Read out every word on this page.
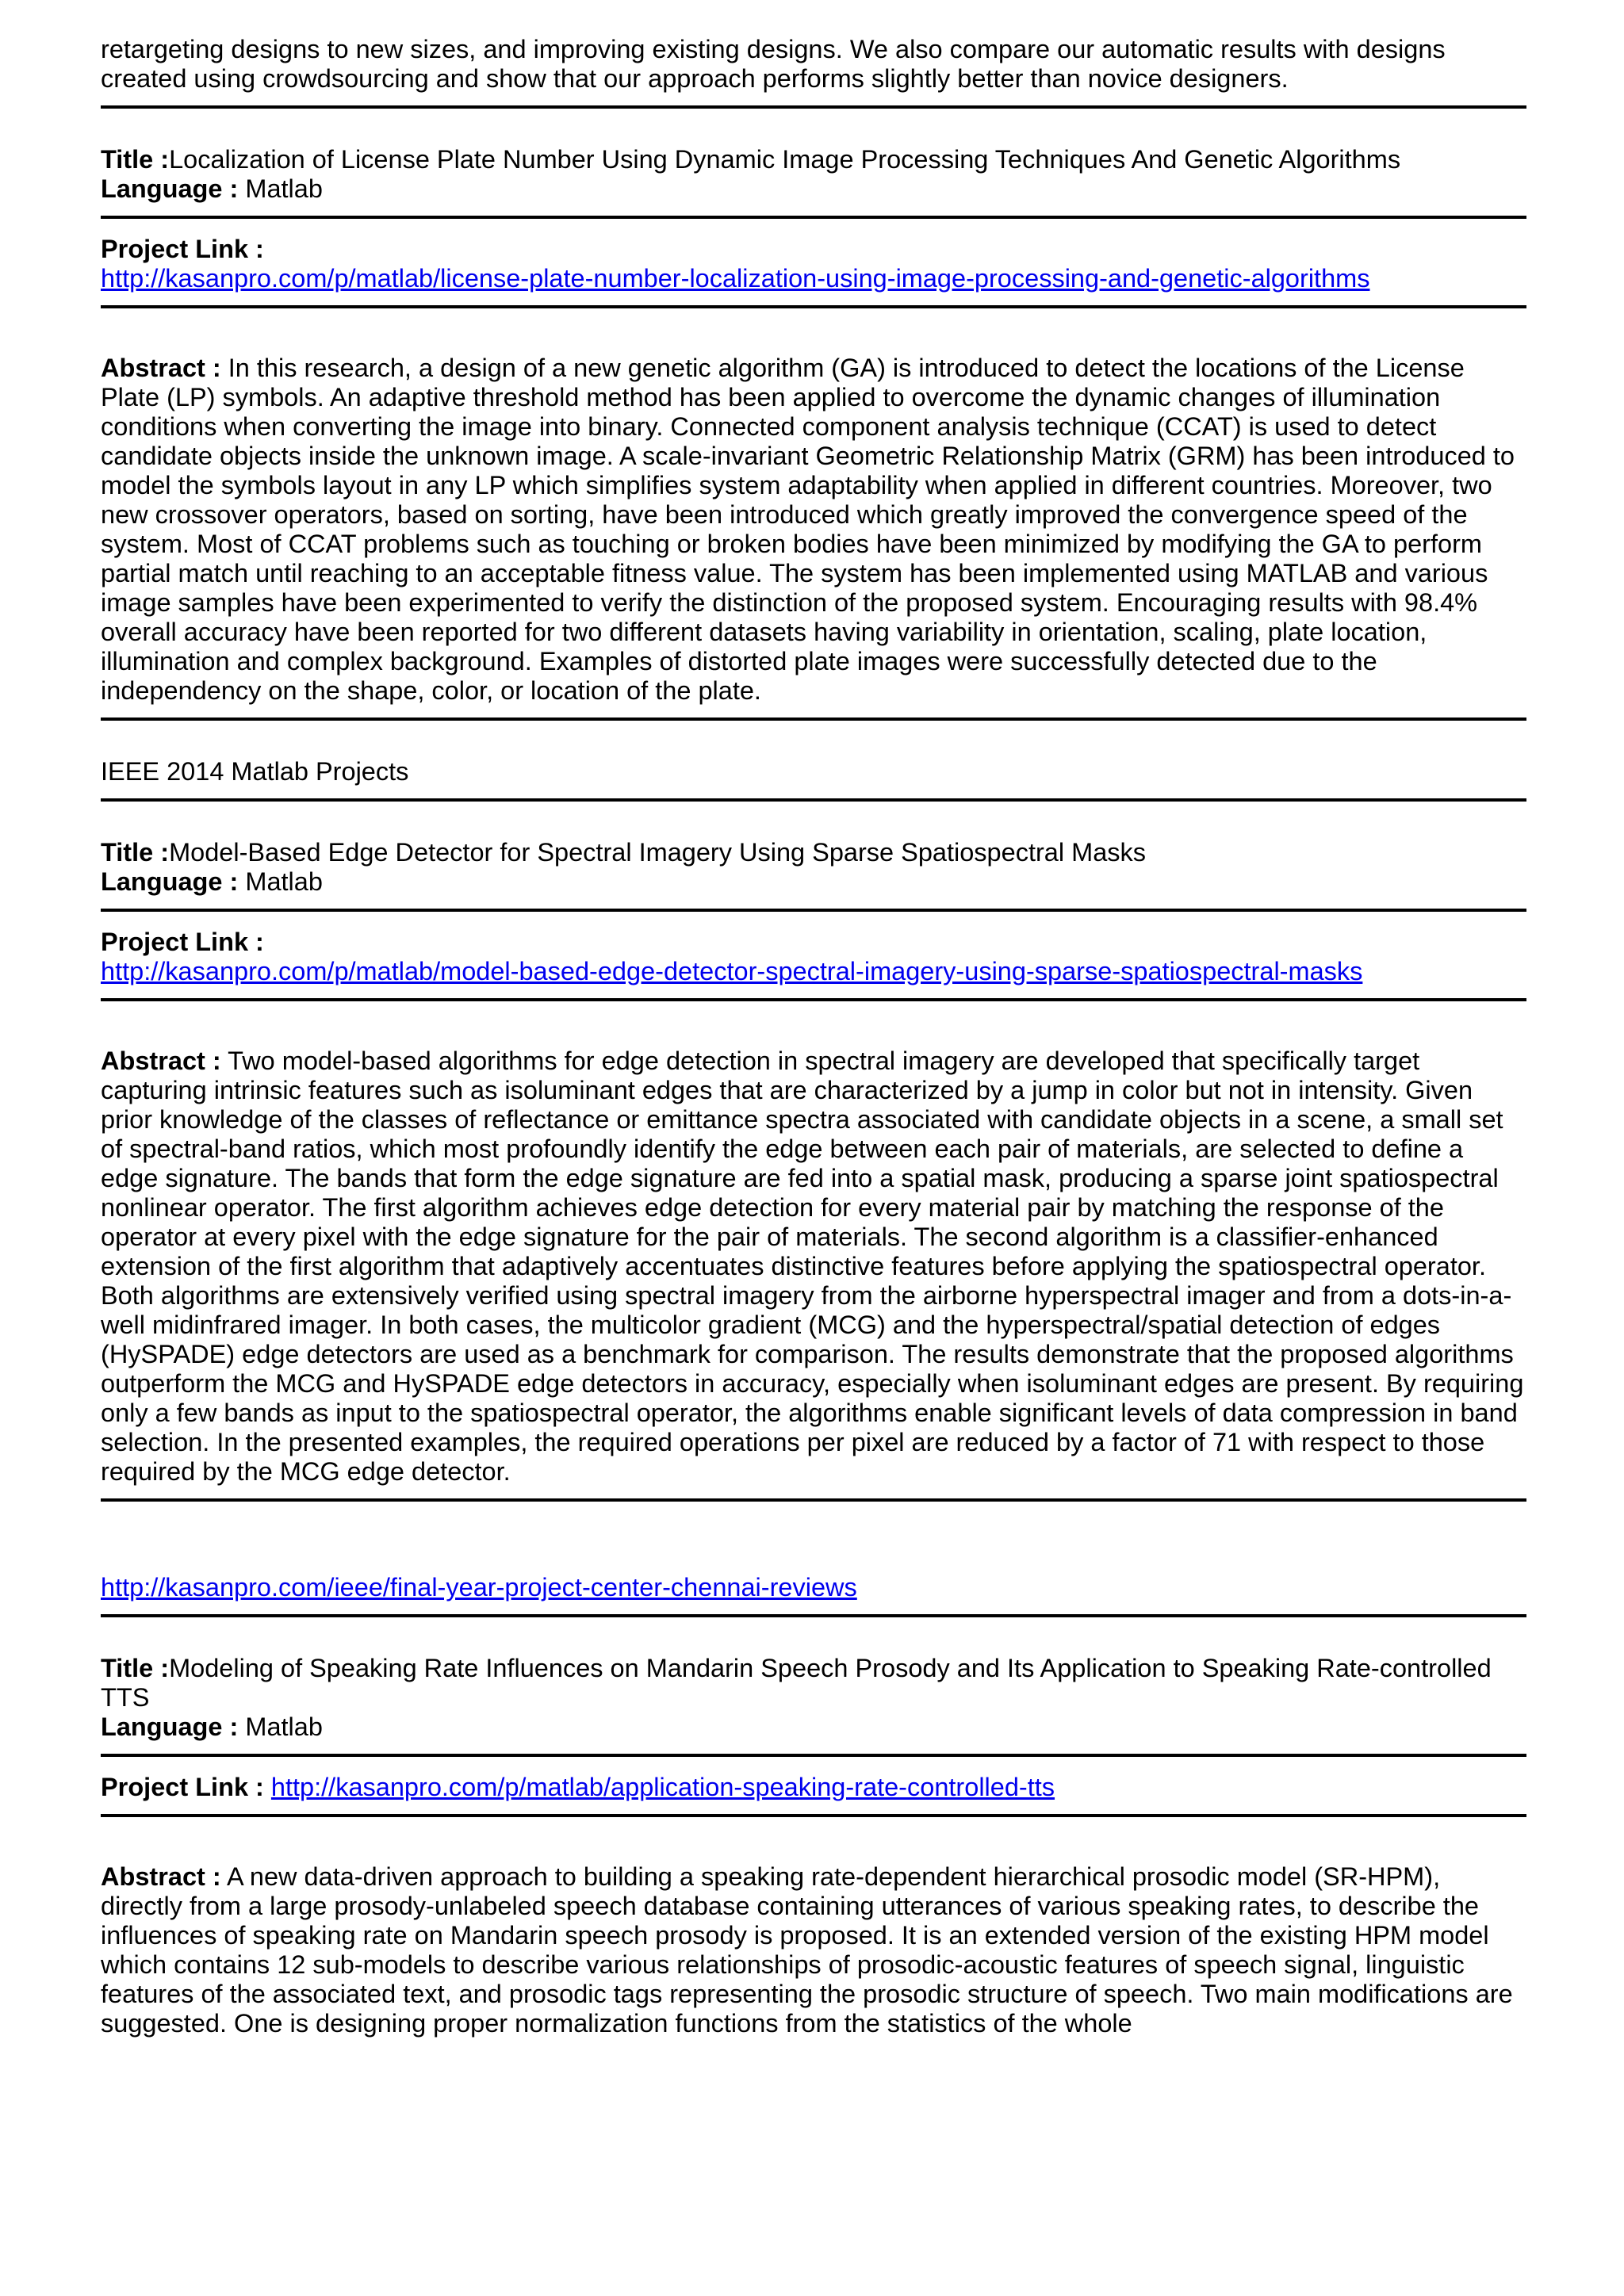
retargeting designs to new sizes, and improving existing designs. We also compare our automatic results with designs created using crowdsourcing and show that our approach performs slightly better than novice designers.

Title :Localization of License Plate Number Using Dynamic Image Processing Techniques And Genetic Algorithms

Language : Matlab

Project Link :

http://kasanpro.com/p/matlab/license-plate-number-localization-using-image-processing-and-genetic-algorithms

Abstract : In this research, a design of a new genetic algorithm (GA) is introduced to detect the locations of the License Plate (LP) symbols. An adaptive threshold method has been applied to overcome the dynamic changes of illumination conditions when converting the image into binary. Connected component analysis technique (CCAT) is used to detect candidate objects inside the unknown image. A scale-invariant Geometric Relationship Matrix (GRM) has been introduced to model the symbols layout in any LP which simplifies system adaptability when applied in different countries. Moreover, two new crossover operators, based on sorting, have been introduced which greatly improved the convergence speed of the system. Most of CCAT problems such as touching or broken bodies have been minimized by modifying the GA to perform partial match until reaching to an acceptable fitness value. The system has been implemented using MATLAB and various image samples have been experimented to verify the distinction of the proposed system. Encouraging results with 98.4% overall accuracy have been reported for two different datasets having variability in orientation, scaling, plate location, illumination and complex background. Examples of distorted plate images were successfully detected due to the independency on the shape, color, or location of the plate.

IEEE 2014 Matlab Projects

Title :Model-Based Edge Detector for Spectral Imagery Using Sparse Spatiospectral Masks

Language : Matlab

Project Link :

http://kasanpro.com/p/matlab/model-based-edge-detector-spectral-imagery-using-sparse-spatiospectral-masks

Abstract : Two model-based algorithms for edge detection in spectral imagery are developed that specifically target capturing intrinsic features such as isoluminant edges that are characterized by a jump in color but not in intensity. Given prior knowledge of the classes of reflectance or emittance spectra associated with candidate objects in a scene, a small set of spectral-band ratios, which most profoundly identify the edge between each pair of materials, are selected to define a edge signature. The bands that form the edge signature are fed into a spatial mask, producing a sparse joint spatiospectral nonlinear operator. The first algorithm achieves edge detection for every material pair by matching the response of the operator at every pixel with the edge signature for the pair of materials. The second algorithm is a classifier-enhanced extension of the first algorithm that adaptively accentuates distinctive features before applying the spatiospectral operator. Both algorithms are extensively verified using spectral imagery from the airborne hyperspectral imager and from a dots-in-a-well midinfrared imager. In both cases, the multicolor gradient (MCG) and the hyperspectral/spatial detection of edges (HySPADE) edge detectors are used as a benchmark for comparison. The results demonstrate that the proposed algorithms outperform the MCG and HySPADE edge detectors in accuracy, especially when isoluminant edges are present. By requiring only a few bands as input to the spatiospectral operator, the algorithms enable significant levels of data compression in band selection. In the presented examples, the required operations per pixel are reduced by a factor of 71 with respect to those required by the MCG edge detector.

http://kasanpro.com/ieee/final-year-project-center-chennai-reviews

Title :Modeling of Speaking Rate Influences on Mandarin Speech Prosody and Its Application to Speaking Rate-controlled TTS

Language : Matlab

Project Link : http://kasanpro.com/p/matlab/application-speaking-rate-controlled-tts

Abstract : A new data-driven approach to building a speaking rate-dependent hierarchical prosodic model (SR-HPM), directly from a large prosody-unlabeled speech database containing utterances of various speaking rates, to describe the influences of speaking rate on Mandarin speech prosody is proposed. It is an extended version of the existing HPM model which contains 12 sub-models to describe various relationships of prosodic-acoustic features of speech signal, linguistic features of the associated text, and prosodic tags representing the prosodic structure of speech. Two main modifications are suggested. One is designing proper normalization functions from the statistics of the whole
